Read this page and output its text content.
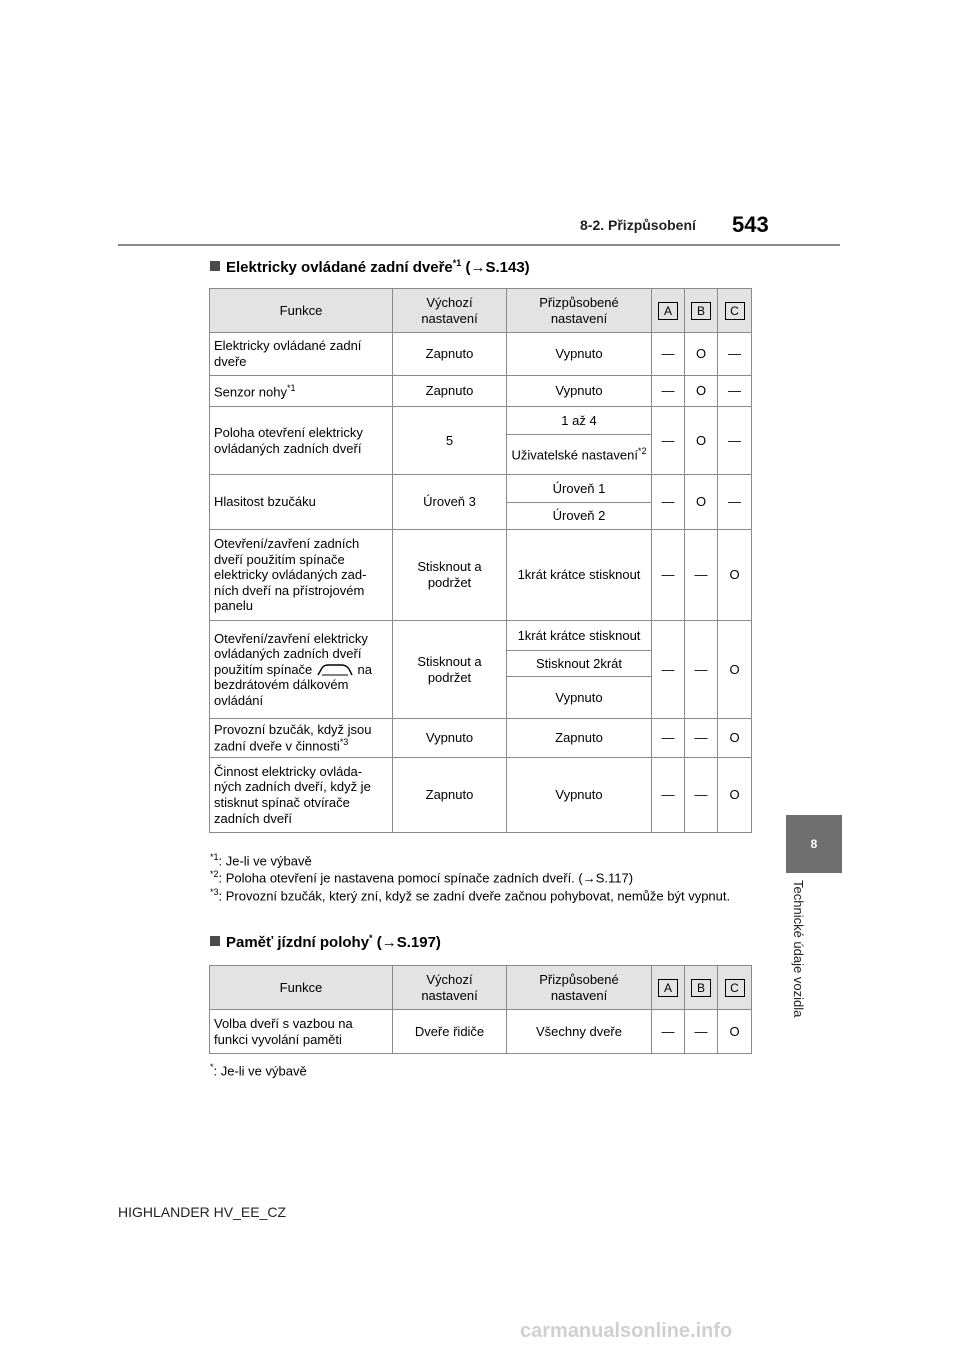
8-2. Přizpůsobení 543
8
Technické údaje vozidla
Elektricky ovládané zadní dveře$^{*1}$ (→S.143)
Funkce	Výchozí nastavení	Přizpůsobené nastavení	A	B	C
Elektricky ovládané zadní dveře	Zapnuto	Vypnuto	—	O	—
Senzor nohy$^{*1}$	Zapnuto	Vypnuto	—	O	—
Poloha otevření elektricky ovládaných zadních dveří	5	1 až 4	—	O	—
		Uživatelské nastavení$^{*2}$
Hlasitost bzučáku	Úroveň 3	Úroveň 1	—	O	—
		Úroveň 2			
Otevření/zavření zadních dveří použitím spínače elektricky ovládaných zad-ních dveří na přístrojovém panelu	Stisknout a podržet	1krát krátce stisknout	—	—	O
Otevření/zavření elektricky ovládaných zadních dveří použitím spínače na bezdrátovém dálkovém ovládání	Stisknout a podržet	1krát krátce stisknout	—	—	O
		Stisknout 2krát			
		Vypnuto			
Provozní bzučák, když jsou zadní dveře v činnosti$^{*3}$	Vypnuto	Zapnuto	—	—	O
Činnost elektricky ovláda-ných zadních dveří, když je stisknut spínač otvírače zadních dveří	Zapnuto	Vypnuto	—	—	O
$^{*1}$: Je-li ve výbavě
$^{*2}$: Poloha otevření je nastavena pomocí spínače zadních dveří. (→S.117)
$^{*3}$: Provozní bzučák, který zní, když se zadní dveře začnou pohybovat, nemůže být vypnut.
Paměť jízdní polohy* (→S.197)
Funkce	Výchozí nastavení	Přizpůsobené nastavení	A	B	C
Volba dveří s vazbou na funkci vyvolání paměti	Dveře řidiče	Všechny dveře	—	—	O
*: Je-li ve výbavě
HIGHLANDER HV_EE_CZ
carmanualsonline.info
